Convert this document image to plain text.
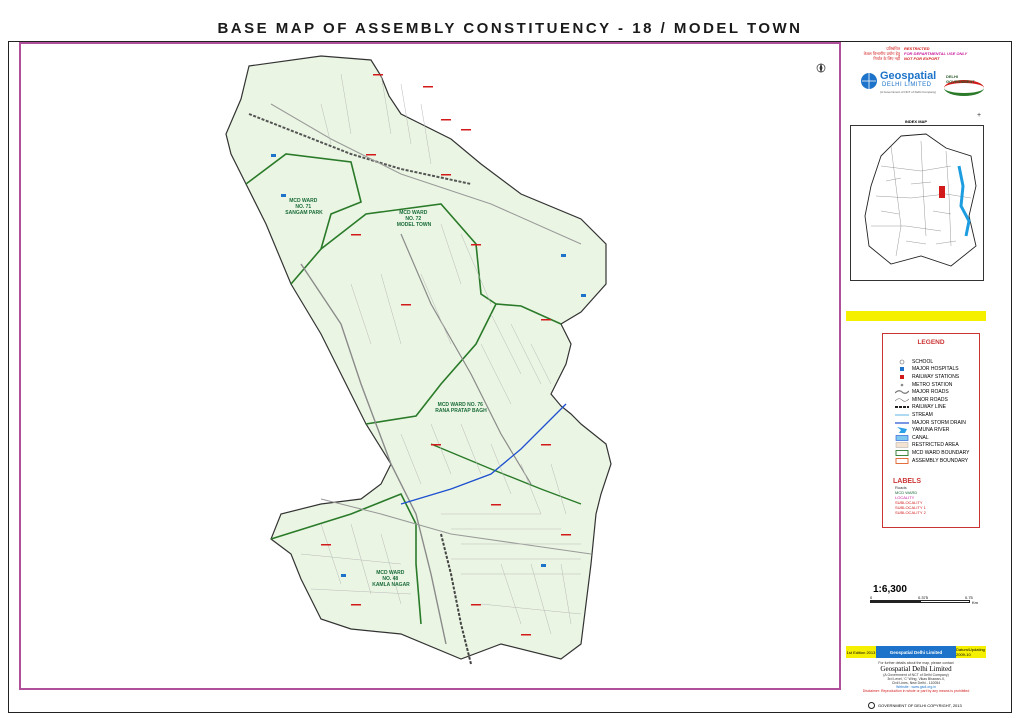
BASE MAP OF ASSEMBLY CONSTITUENCY - 18 / MODEL TOWN
MCD WARD NO. 71 SANGAM PARK	MCD WARD NO. 72 MODEL TOWN
MCD WARD NO. 76 RANA PRATAP BAGH
MCD WARD NO. 48 KAMLA NAGAR
प्रतिबंधित
केवल विभागीय प्रयोग हेतु
निर्यात के लिए नहीं
RESTRICTED
FOR DEPARTMENTAL USE ONLY
NOT FOR EXPORT
Geospatial
DELHI LIMITED
(A Government of NCT of Delhi Company)
DELHI GOVERNMENT
+
INDEX MAP
LEGEND
SCHOOL
MAJOR HOSPITALS
RAILWAY STATIONS
METRO STATION
MAJOR ROADS
MINOR ROADS
RAILWAY LINE
STREAM
MAJOR STORM DRAIN
YAMUNA RIVER
CANAL
RESTRICTED AREA
MCD WARD BOUNDARY
ASSEMBLY BOUNDARY
LABELS
Roads
MCD WARD
LOCALITY
SUBLOCALITY
SUBLOCALITY 1
SUBLOCALITY 2
1:6,300
0	0.375	0.75
Km
1st Edition 2013	Geospatial Delhi Limited	Datum/Updating 2009-10
For further details about the map, please contact
Geospatial Delhi Limited
(A Government of NCT of Delhi Company)
3rd Level, 'C' Wing, Vikas Bhawan-II,
Civil Lines, New Delhi - 110054
Website : www.gsdl.org.in
Disclaimer: Reproduction in whole or part by any means is prohibited
GOVERNMENT OF DELHI COPYRIGHT, 2013
